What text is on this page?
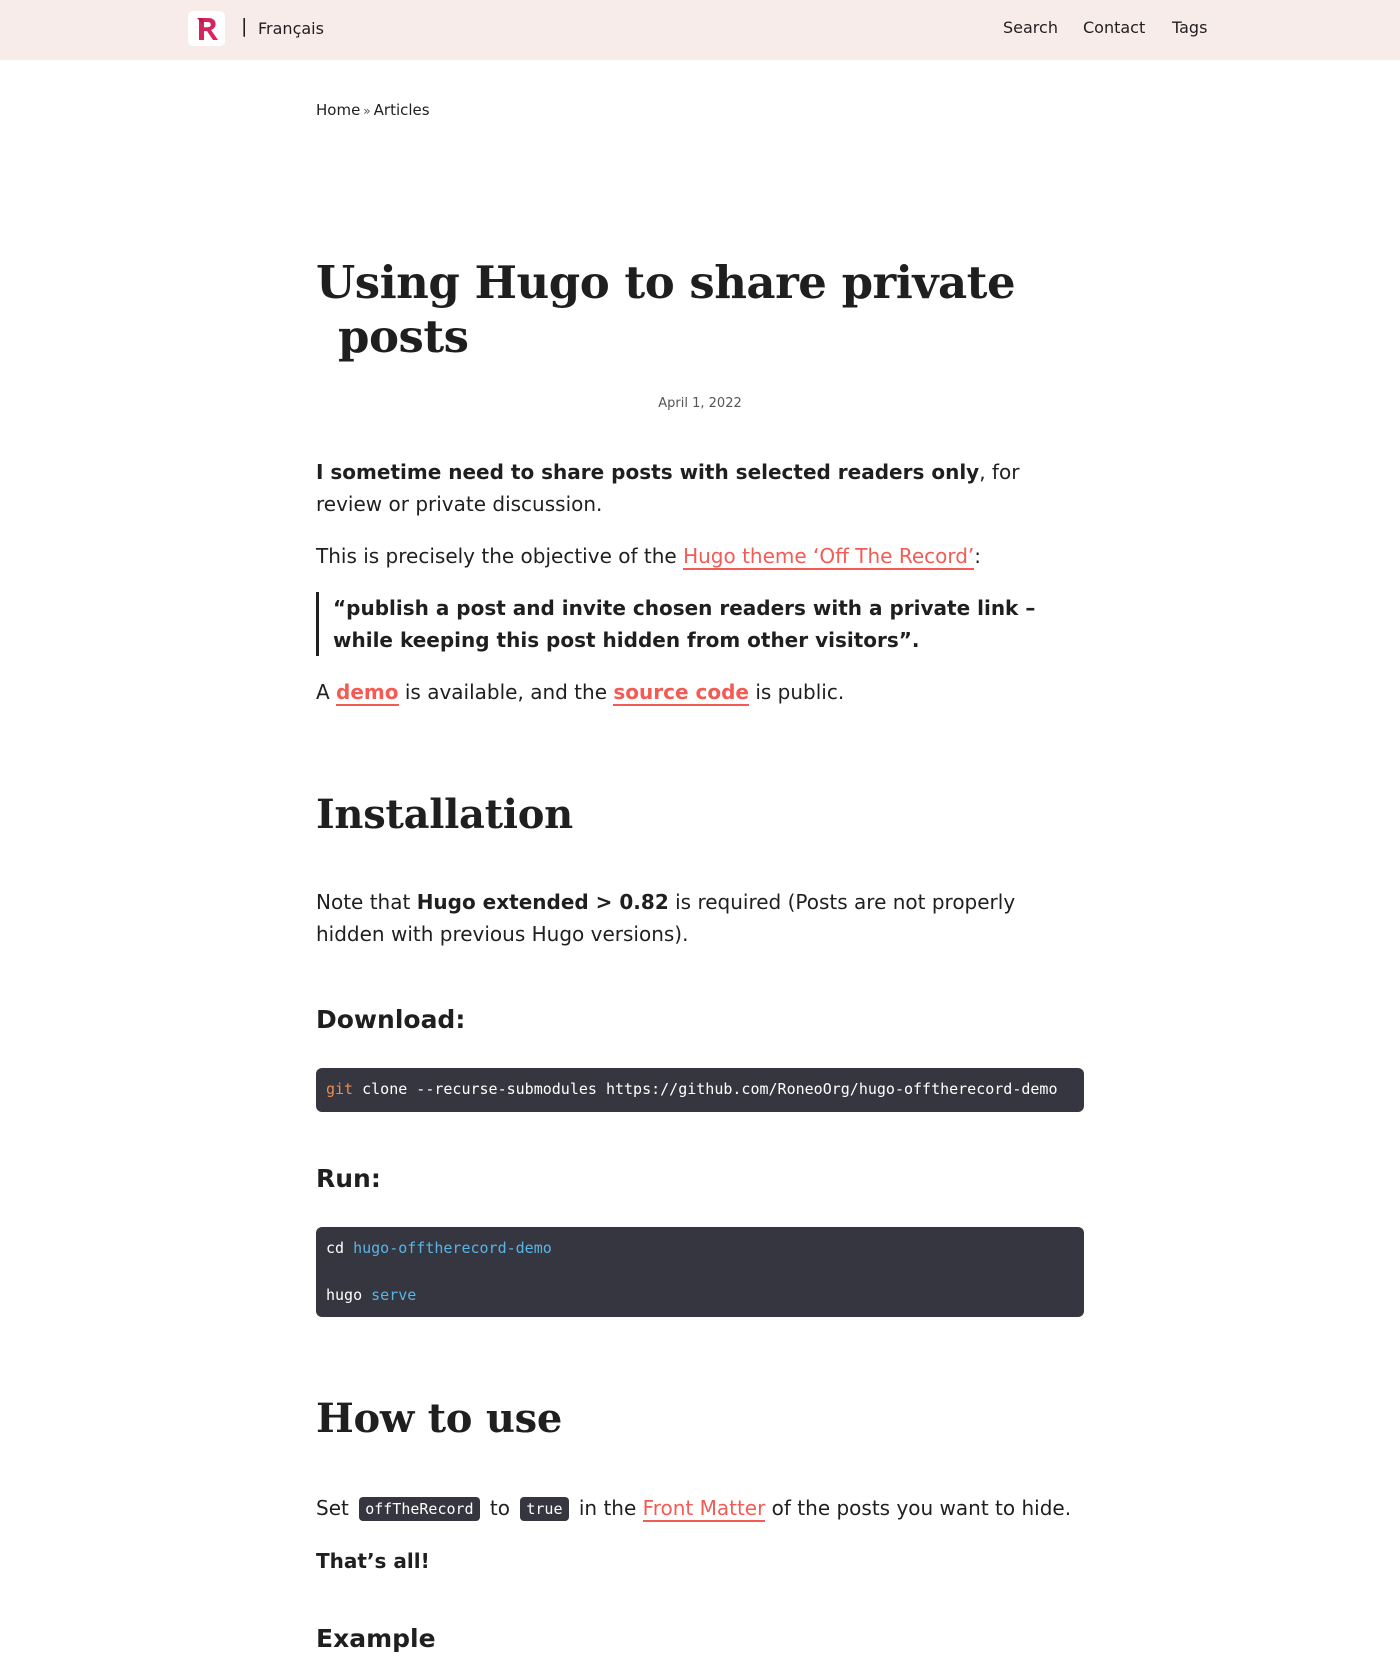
| Français	Search Contact Tags
Home » Articles
Using Hugo to share private
posts
April 1, 2022

I sometime need to share posts with selected readers only, for review or private discussion.

This is precisely the objective of the Hugo theme ‘Off The Record’:

“publish a post and invite chosen readers with a private link – while keeping this post hidden from other visitors”.

A demo is available, and the source code is public.

Installation

Note that Hugo extended > 0.82 is required (Posts are not properly hidden with previous Hugo versions).

Download:
git clone --recurse-submodules https://github.com/RoneoOrg/hugo-offtherecord-demo
Run:
cd hugo-offtherecord-demo
hugo serve
How to use

Set offTheRecord to true in the Front Matter of the posts you want to hide.

That’s all!

Example
